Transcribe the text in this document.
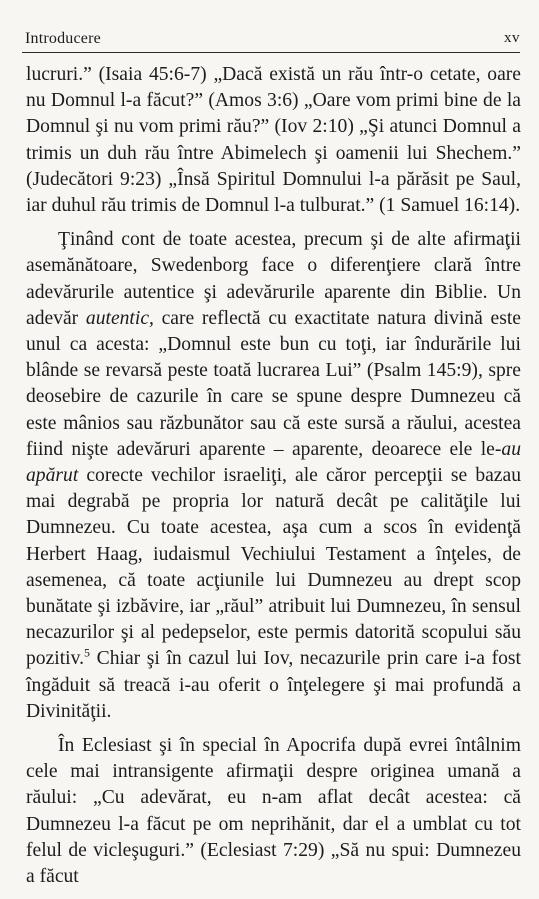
Introducere	xv

lucruri.” (Isaia 45:6-7) „Dacă există un rău într-o cetate, oare nu Domnul l-a făcut?” (Amos 3:6) „Oare vom primi bine de la Domnul şi nu vom primi rău?” (Iov 2:10) „Şi atunci Domnul a trimis un duh rău între Abimelech şi oamenii lui Shechem.” (Judecători 9:23) „Însă Spiritul Domnului l-a părăsit pe Saul, iar duhul rău trimis de Domnul l-a tulburat.” (1 Samuel 16:14).

Ţinând cont de toate acestea, precum şi de alte afirmaţii asemănătoare, Swedenborg face o diferenţiere clară între adevărurile autentice şi adevărurile aparente din Biblie. Un adevăr autentic, care reflectă cu exactitate natura divină este unul ca acesta: „Domnul este bun cu toţi, iar îndurările lui blânde se revarsă peste toată lucrarea Lui” (Psalm 145:9), spre deosebire de cazurile în care se spune despre Dumnezeu că este mânios sau răzbunător sau că este sursă a răului, acestea fiind nişte adevăruri aparente – aparente, deoarece ele le-au apărut corecte vechilor israeliţi, ale căror percepţii se bazau mai degrabă pe propria lor natură decât pe calităţile lui Dumnezeu. Cu toate acestea, aşa cum a scos în evidenţă Herbert Haag, iudaismul Vechiului Testament a înţeles, de asemenea, că toate acţiunile lui Dumnezeu au drept scop bunătate şi izbăvire, iar „răul” atribuit lui Dumnezeu, în sensul necazurilor şi al pedepselor, este permis datorită scopului său pozitiv.$^5$ Chiar şi în cazul lui Iov, necazurile prin care i-a fost îngăduit să treacă i-au oferit o înţelegere şi mai profundă a Divinităţii.

În Eclesiast şi în special în Apocrifa după evrei întâlnim cele mai intransigente afirmaţii despre originea umană a răului: „Cu adevărat, eu n-am aflat decât acestea: că Dumnezeu l-a făcut pe om neprihănit, dar el a umblat cu tot felul de vicleşuguri.” (Eclesiast 7:29) „Să nu spui: Dumnezeu a făcut
